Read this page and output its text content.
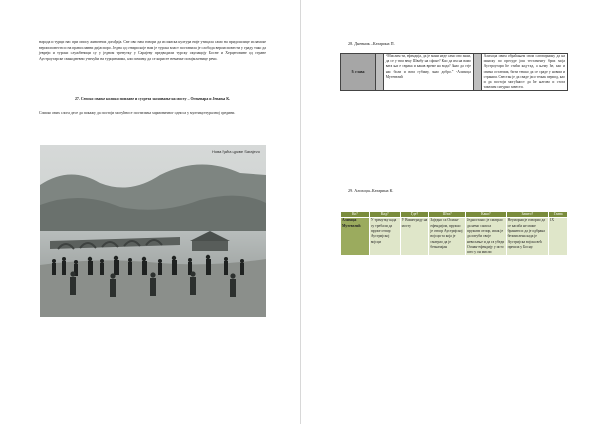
народа и турци нас при опису животних догађаја. Све ово нам говори да исламска култура није утицала само на придошлице исламске вероисповести и на православни дијаспоро. Једна од ствари које нам је турска власт поставила је слобода вероисповести у граду тако да јевреји и турски службеници су у једном тренутку у Сарајеву предводили турску окупацију Босне и Херцеговине од стране Аустроугарске свакодневно утичући на турцизмима, али почињу да се користе немачке позајмљенице речи.

27. Сепско свање колико поплаве и сусрета засновање на мосту – Огњевара и Јевања К.
Списко ових слога десе да покажу да постоји могућност постизања хармоничног односа у мултикултуралној средини.
Нова ђаћа цркве Sarajevo
28. Дневник –Катарина П.
9. глава		“Мислим ти, ефендија, да је мани неде само ово знам, да се у тим веку Швабу на сфоне? Као да им на вамо вата њи е сврака и какав време на вода? Знао да стје нас боли и вата губиму, знао добро.” -Алихоџа Мутевелић		Алихоџа овим обраћањем свом саговорнику да на ишаску по пресуде још тестаменту брих моја Аустроугари ће стићи кад-тад, а њему ће, као и свима остатима, бити тешко да се сраде у новим и страним. Свестан је да сваде јасо тежак период, као и да постоји могућност да ће његово и стога такелим сигурно завести.
29. Алихоџа–Катарина К.
Ко?	Кад?	Где?	Шта?	Како?	Зашто?	Глава
Алихоџа Мутевелић	У тренутку када су требали да пруже отпор Аустријској војсци	У Вишеграду на мосту	Заједно са Осман-ефендијом, пружао је отпор Аустријској војсци та која је сматрао да је безначајан	Једностано: је сматрао да немо самоса пружати отпор, ипак је да изгуби своје невољење и да га убеди Осман-ефендију у исто што у он мисли	Неуморни је говорио да се касаба не може бранити и да је одбрана безмислена када је Аустријска војска већ прешла у Босну.	IX
